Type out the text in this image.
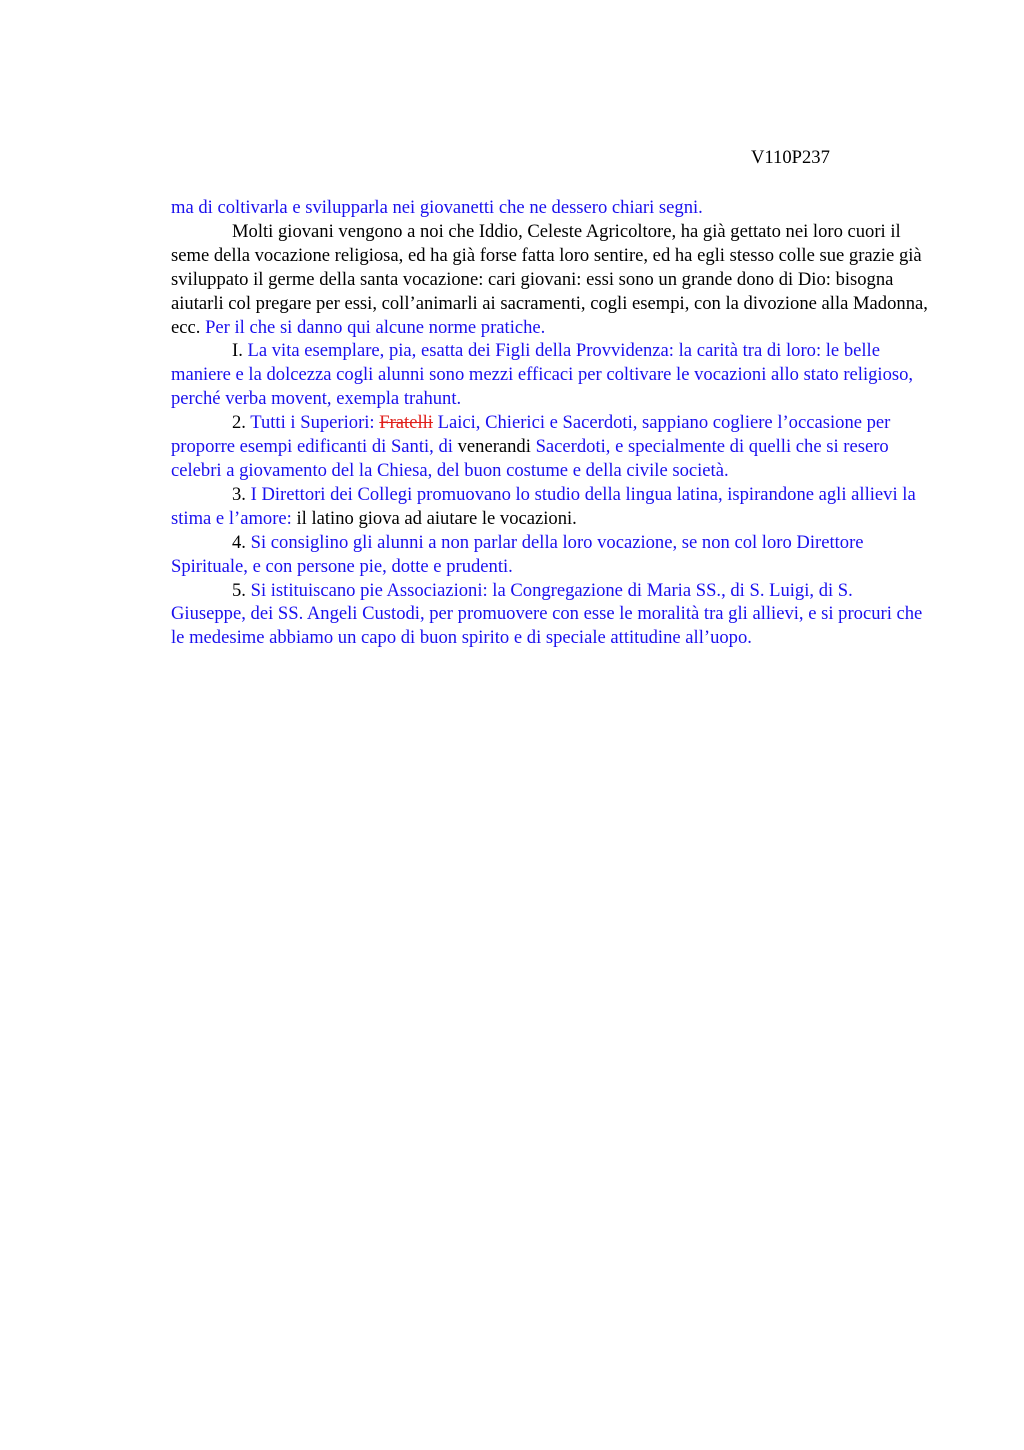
V110P237

ma di coltivarla e svilupparla nei giovanetti che ne dessero chiari segni.

Molti giovani vengono a noi che Iddio, Celeste Agricoltore, ha già gettato nei loro cuori il seme della vocazione religiosa, ed ha già forse fatta loro sentire, ed ha egli stesso colle sue grazie già sviluppato il germe della santa vocazione: cari giovani: essi sono un grande dono di Dio: bisogna aiutarli col pregare per essi, coll’animarli ai sacramenti, cogli esempi, con la divozione alla Madonna, ecc. Per il che si danno qui alcune norme pratiche.

I. La vita esemplare, pia, esatta dei Figli della Provvidenza: la carità tra di loro: le belle maniere e la dolcezza cogli alunni sono mezzi efficaci per coltivare le vocazioni allo stato religioso, perché verba movent, exempla trahunt.

2. Tutti i Superiori: Fratelli Laici, Chierici e Sacerdoti, sappiano cogliere l’occasione per proporre esempi edificanti di Santi, di venerandi Sacerdoti, e specialmente di quelli che si resero celebri a giovamento del la Chiesa, del buon costume e della civile società.

3. I Direttori dei Collegi promuovano lo studio della lingua latina, ispirandone agli allievi la stima e l’amore: il latino giova ad aiutare le vocazioni.

4. Si consiglino gli alunni a non parlar della loro vocazione, se non col loro Direttore Spirituale, e con persone pie, dotte e prudenti.

5. Si istituiscano pie Associazioni: la Congregazione di Maria SS., di S. Luigi, di S. Giuseppe, dei SS. Angeli Custodi, per promuovere con esse le moralità tra gli allievi, e si procuri che le medesime abbiamo un capo di buon spirito e di speciale attitudine all’uopo.
